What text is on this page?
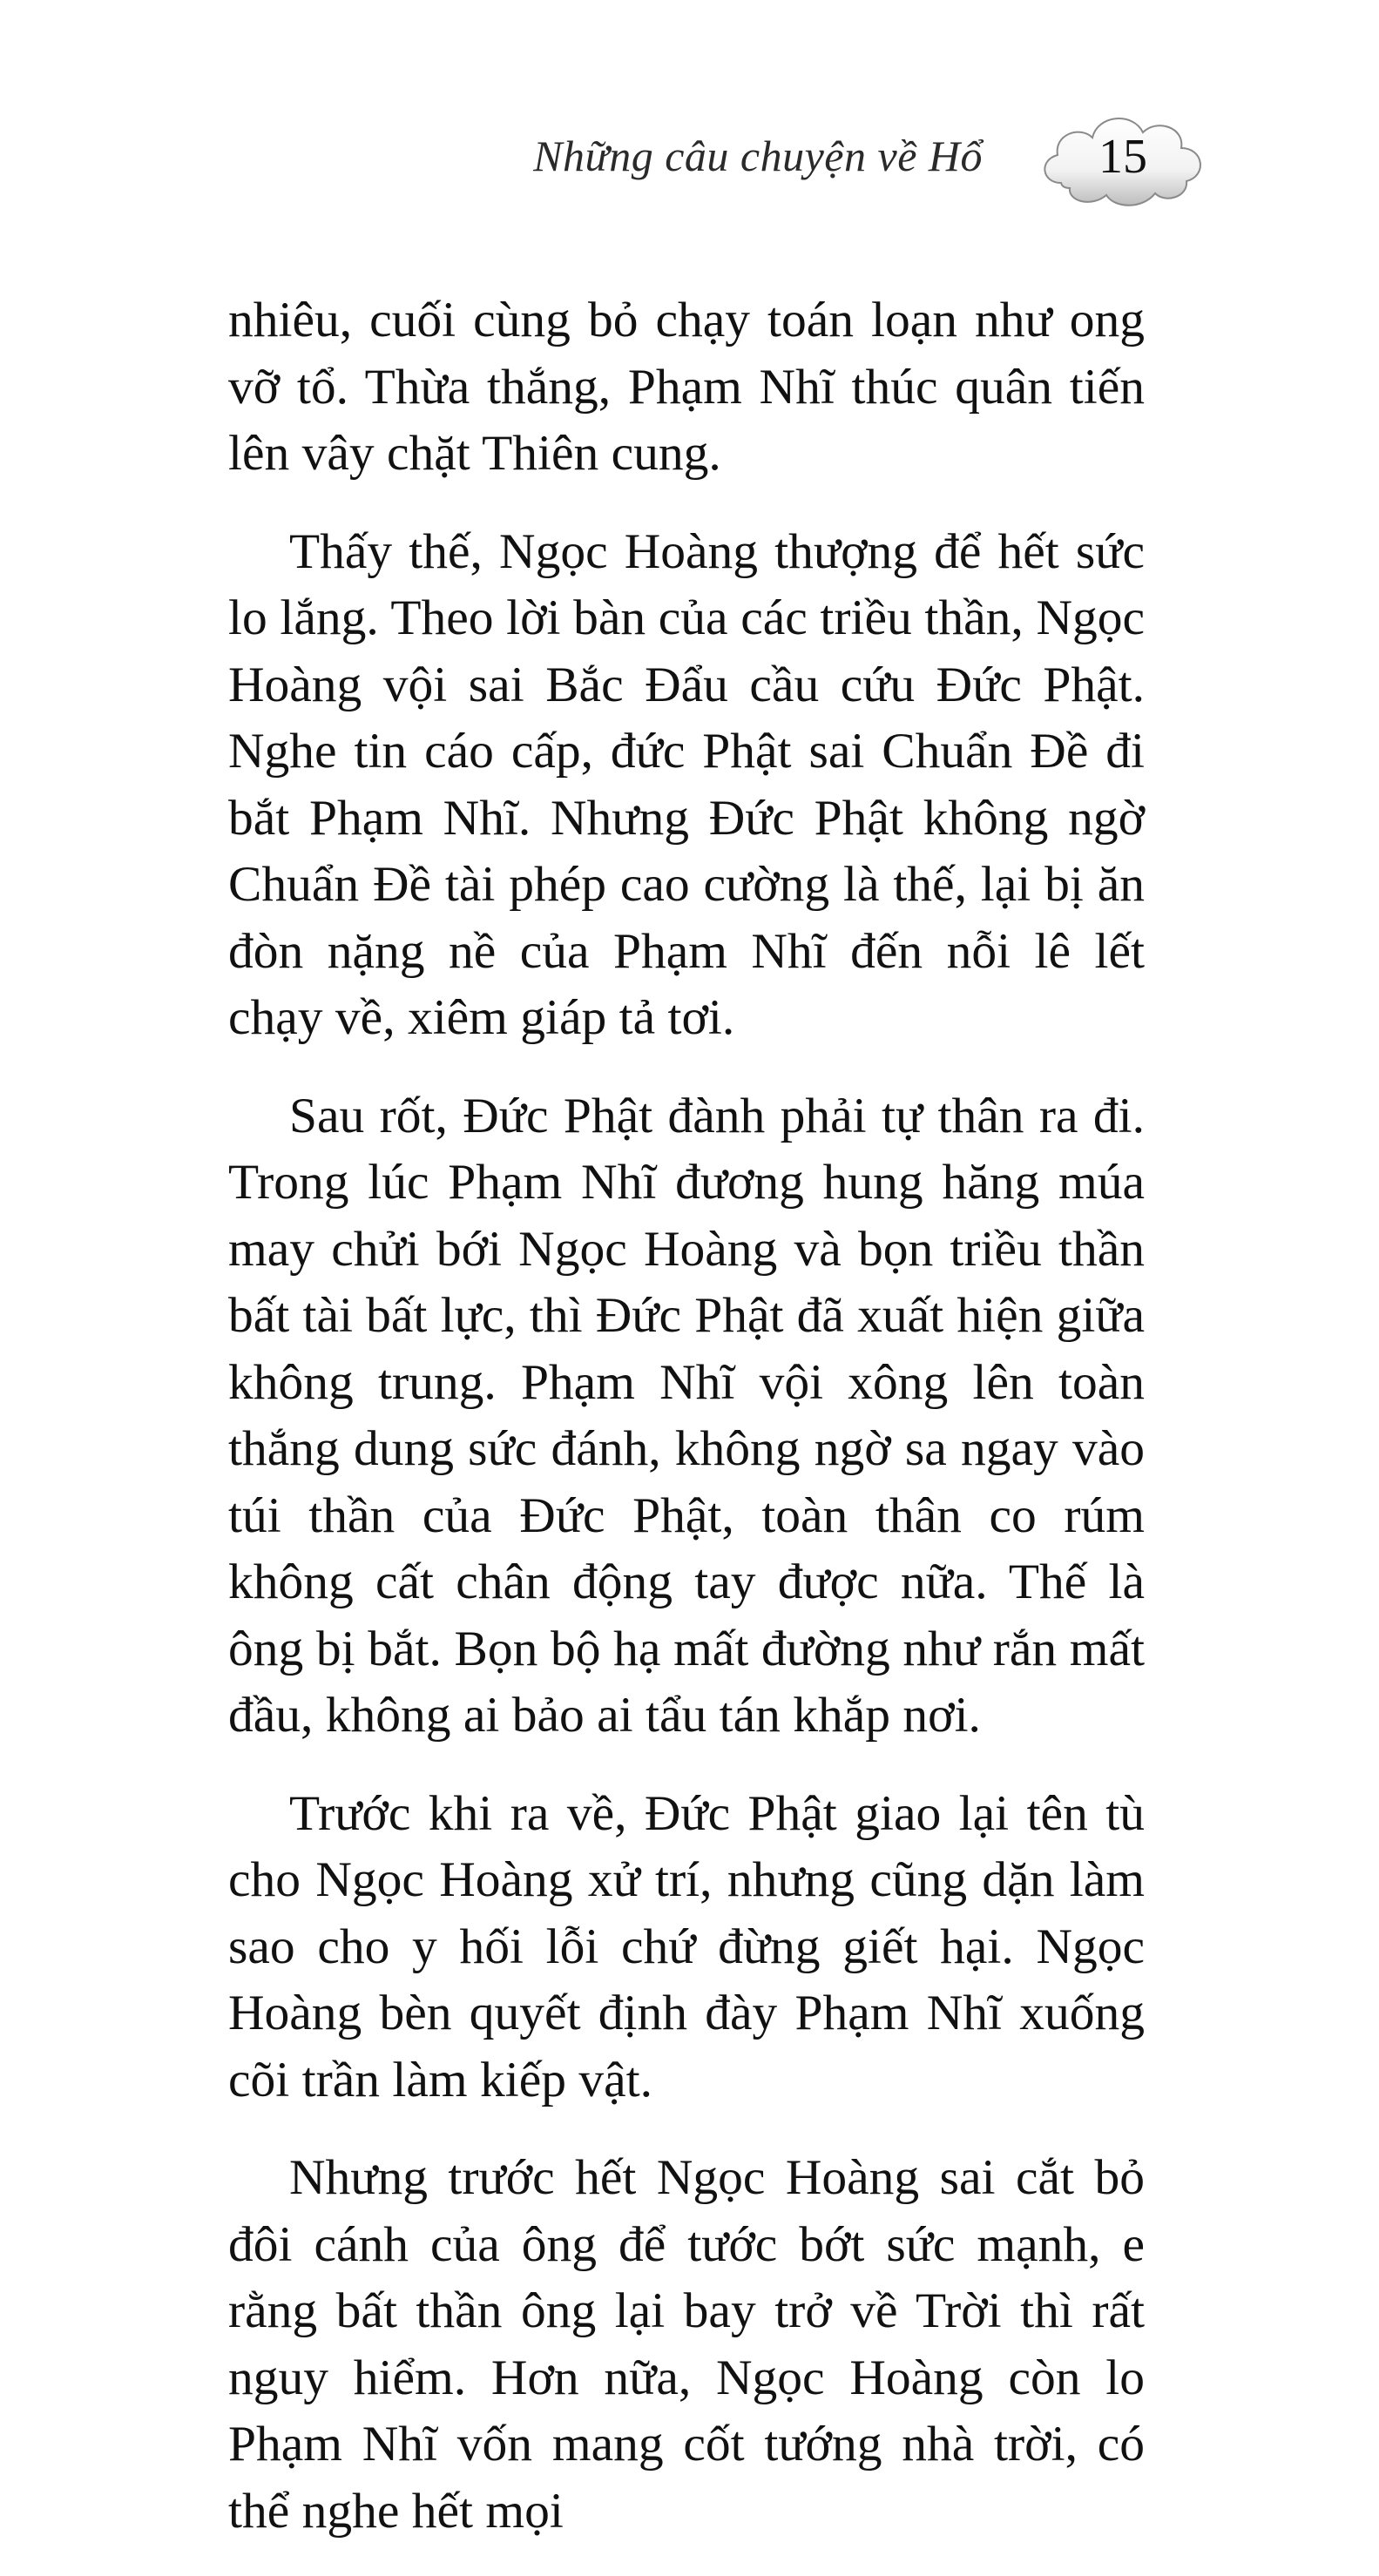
Những câu chuyện về Hổ	15

nhiêu, cuối cùng bỏ chạy toán loạn như ong vỡ tổ. Thừa thắng, Phạm Nhĩ thúc quân tiến lên vây chặt Thiên cung.

Thấy thế, Ngọc Hoàng thượng để hết sức lo lắng. Theo lời bàn của các triều thần, Ngọc Hoàng vội sai Bắc Đẩu cầu cứu Đức Phật. Nghe tin cáo cấp, đức Phật sai Chuẩn Đề đi bắt Phạm Nhĩ. Nhưng Đức Phật không ngờ Chuẩn Đề tài phép cao cường là thế, lại bị ăn đòn nặng nề của Phạm Nhĩ đến nỗi lê lết chạy về, xiêm giáp tả tơi.

Sau rốt, Đức Phật đành phải tự thân ra đi. Trong lúc Phạm Nhĩ đương hung hăng múa may chửi bới Ngọc Hoàng và bọn triều thần bất tài bất lực, thì Đức Phật đã xuất hiện giữa không trung. Phạm Nhĩ vội xông lên toàn thắng dung sức đánh, không ngờ sa ngay vào túi thần của Đức Phật, toàn thân co rúm không cất chân động tay được nữa. Thế là ông bị bắt. Bọn bộ hạ mất đường như rắn mất đầu, không ai bảo ai tẩu tán khắp nơi.

Trước khi ra về, Đức Phật giao lại tên tù cho Ngọc Hoàng xử trí, nhưng cũng dặn làm sao cho y hối lỗi chứ đừng giết hại. Ngọc Hoàng bèn quyết định đày Phạm Nhĩ xuống cõi trần làm kiếp vật.

Nhưng trước hết Ngọc Hoàng sai cắt bỏ đôi cánh của ông để tước bớt sức mạnh, e rằng bất thần ông lại bay trở về Trời thì rất nguy hiểm. Hơn nữa, Ngọc Hoàng còn lo Phạm Nhĩ vốn mang cốt tướng nhà trời, có thể nghe hết mọi
